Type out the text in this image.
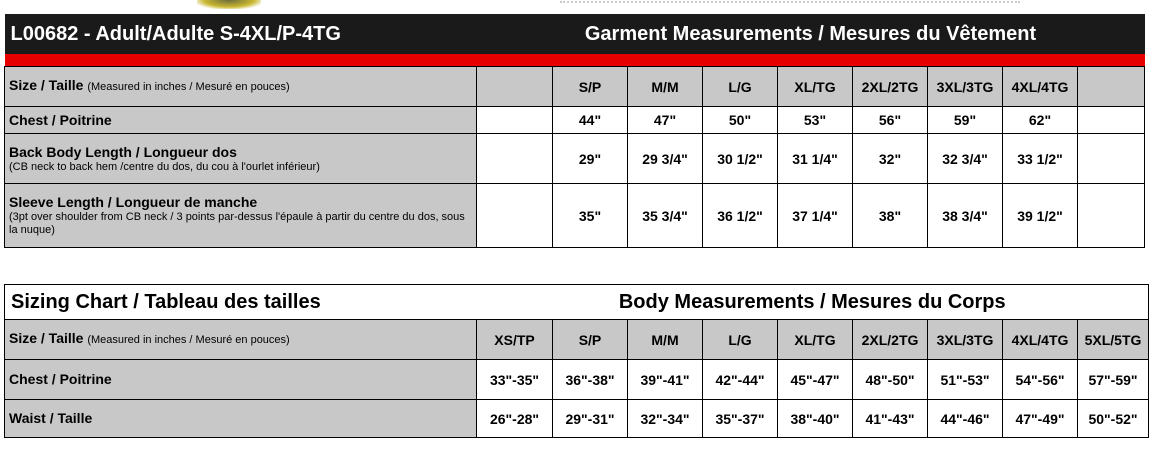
L00682 - Adult/Adulte S-4XL/P-4TG	Garment Measurements / Mesures du Vêtement								

Size / Taille (Measured in inches / Mesuré en pouces)		S/P	M/M	L/G	XL/TG	2XL/2TG	3XL/3TG	4XL/4TG	
Chest / Poitrine		44"	47"	50"	53"	56"	59"	62"	

Back Body Length / Longueur dos
(CB neck to back hem /centre du dos, du cou à l'ourlet inférieur)		29"	29 3/4"	30 1/2"	31 1/4"	32"	32 3/4"	33 1/2"	

Sleeve Length / Longueur de manche
(3pt over shoulder from CB neck / 3 points par-dessus l'épaule à partir du centre du dos, sous la nuque)		35"	35 3/4"	36 1/2"	37 1/4"	38"	38 3/4"	39 1/2"	
Sizing Chart / Tableau des tailles	Body Measurements / Mesures du Corps								
Size / Taille (Measured in inches / Mesuré en pouces)	XS/TP	S/P	M/M	L/G	XL/TG	2XL/2TG	3XL/3TG	4XL/4TG	5XL/5TG
Chest / Poitrine	33"-35"	36"-38"	39"-41"	42"-44"	45"-47"	48"-50"	51"-53"	54"-56"	57"-59"
Waist / Taille	26"-28"	29"-31"	32"-34"	35"-37"	38"-40"	41"-43"	44"-46"	47"-49"	50"-52"
